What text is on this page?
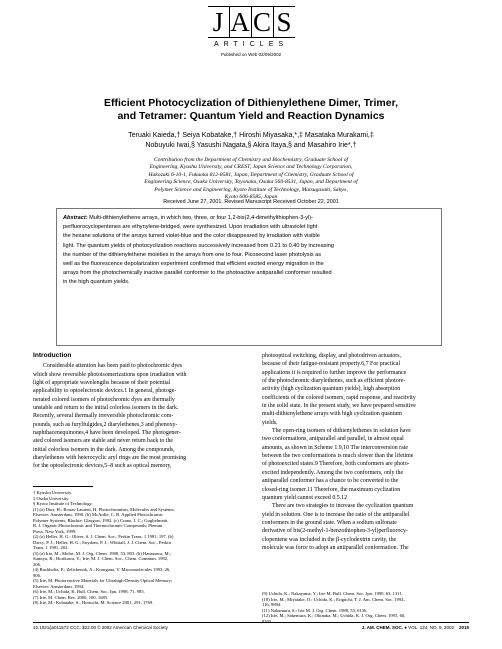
J A C S
ARTICLES
Published on Web 02/09/2002
Efficient Photocyclization of Dithienylethene Dimer, Trimer,
and Tetramer: Quantum Yield and Reaction Dynamics
Teruaki Kaieda,† Seiya Kobatake,† Hiroshi Miyasaka,*,‡ Masataka Murakami,‡
Nobuyuki Iwai,§ Yasushi Nagata,§ Akira Itaya,§ and Masahiro Irie*,†
Contribution from the Department of Chemistry and Biochemistry, Graduate School of
Engineering, Kyushu University, and CREST, Japan Science and Technology Corporation,
Hakozaki 6-10-1, Fukuoka 812-8581, Japan, Department of Chemistry, Graduate School of
Engineering Science, Osaka University, Toyonaka, Osaka 560-8531, Japan, and Department of
Polymer Science and Engineering, Kyoto Institute of Technology, Matsugasaki, Sakyo,
Kyoto 606-8585, Japan
Received June 27, 2001. Revised Manuscript Received October 22, 2001
Abstract: Multi-dithienylethene arrays, in which two, three, or four 1,2-bis(2,4-dimethylthiophen-3-yl)-
perfluorocyclopentenes are ethynylene-bridged, were synthesized. Upon irradiation with ultraviolet light
the hexane solutions of the arrays turned violet-blue and the color disappeared by irradiation with visible
light. The quantum yields of photocyclization reactions successively increased from 0.21 to 0.40 by increasing
the number of the dithienylethene moieties in the arrays from one to four. Picosecond laser photolysis as
well as the fluorescence depolarization experiment confirmed that efficient excited energy migration in the
arrays from the photochemically inactive parallel conformer to the photoactive antiparallel conformer resulted
in the high quantum yields.
Introduction
Considerable attention has been paid to photochromic dyes
which show reversible photoisomerizations upon irradiation with
light of appropriate wavelengths because of their potential
applicability to optoelectronic devices.1 In general, photoge-
nerated colored isomers of photochromic dyes are thermally
unstable and return to the initial colorless isomers in the dark.
Recently, several thermally irreversible photochromic com-
pounds, such as furylfulgides,2 diarylethenes,3 and phenoxy-
naphthacenequinones,4 have been developed. The photogener-
ated colored isomers are stable and never return back to the
initial colorless isomers in the dark. Among the compounds,
diarylethenes with heterocyclic aryl rings are the most promising
for the optoelectronic devices,5–8 such as optical memory,
photooptical switching, display, and photodriven actuators,
because of their fatigue-resistant property.6,7 For practical
applications it is required to further improve the performance
of the photochromic diarylethenes, such as efficient photore-
activity (high cyclization quantum yields), high absorption
coefficients of the colored isomers, rapid response, and reactivity
in the solid state. In the present study, we have prepared sensitive
multi-dithienylethene arrays with high cyclization quantum
yields.
The open-ring isomers of dithienylethenes in solution have
two conformations, antiparallel and parallel, in almost equal
amounts, as shown in Scheme 1.9,10 The interconversion rate
between the two conformations is much slower than the lifetime
of photoexcited states.9 Therefore, both conformers are photo-
excited independently. Among the two conformers, only the
antiparallel conformer has a chance to be converted to the
closed-ring isomer.11 Therefore, the maximum cyclization
quantum yield cannot exceed 0.5.12
There are two strategies to increase the cyclization quantum
yield in solution. One is to increase the ratio of the antiparallel
conformers in the ground state. When a sodium sulfonate
derivative of bis(2-methyl-1-benzothiophen-3-yl)perfluorocy-
clopentene was included in the β-cyclodextrin cavity, the
molecule was force to adopt an antiparallel conformation. The
† Kyushu University.
‡ Osaka University.
§ Kyoto Institute of Technology.
(1) (a) Dürr, H.; Bouas-Laurent, H. Photochromism, Molecules and Systems;
Elsevier: Amsterdam, 1990. (b) McArdle, C. B. Applied Photochromic
Polymer Systems; Blackie: Glasgow, 1992. (c) Crano, J. C.; Guglielmetti,
R. J. Organic Photochromic and Thermochromic Compounds; Plenum
Press: New York, 1999.
(2) (a) Heller, H. G.; Oliver, S. J. Chem. Soc., Perkin Trans. 1 1981, 197. (b)
Darcy, P. J.; Heller, H. G.; Strydom, P. J.; Whittall, J. J. Chem. Soc., Perkin
Trans. 1 1981, 202.
(3) (a) Irie, M.; Mohri, M. J. Org. Chem. 1988, 53, 803. (b) Hanazawa, M.;
Sumiya, R.; Horikawa, Y.; Irie, M. J. Chem. Soc., Chem. Commun. 1992,
206.
(4) Buchholtz, F.; Zelichenok, A.; Krongauz, V. Macromolecules 1993, 26,
906.
(5) Irie, M. Photoreactive Materials for Ultrahigh-Density Optical Memory;
Elsevier: Amsterdam, 1994.
(6) Irie, M.; Uchida, K. Bull. Chem. Soc. Jpn. 1998, 71, 985.
(7) Irie, M. Chem. Rev. 2000, 100, 1685.
(8) Irie, M.; Kobatake, S.; Horiuchi, M. Science 2001, 291, 1769.
(9) Uchida, K.; Nakayama, Y.; Irie M. Bull. Chem. Soc. Jpn. 1990, 63, 1311.
(10) Irie, M.; Miyatake, O.; Uchida, K.; Eriguchi, T. J. Am. Chem. Soc. 1994,
116, 9894.
(11) Nakamura, S.; Irie M. J. Org. Chem. 1988, 53, 6136.
(12) Irie, M.; Sakemura, K.; Okinaka, M.; Uchida, K. J. Org. Chem. 1995, 60,
8305.
10.1021/ja011572 CCC: $22.00 © 2002 American Chemical Society	J. AM. CHEM. SOC. ● VOL. 124, NO. 9, 2002 2015
